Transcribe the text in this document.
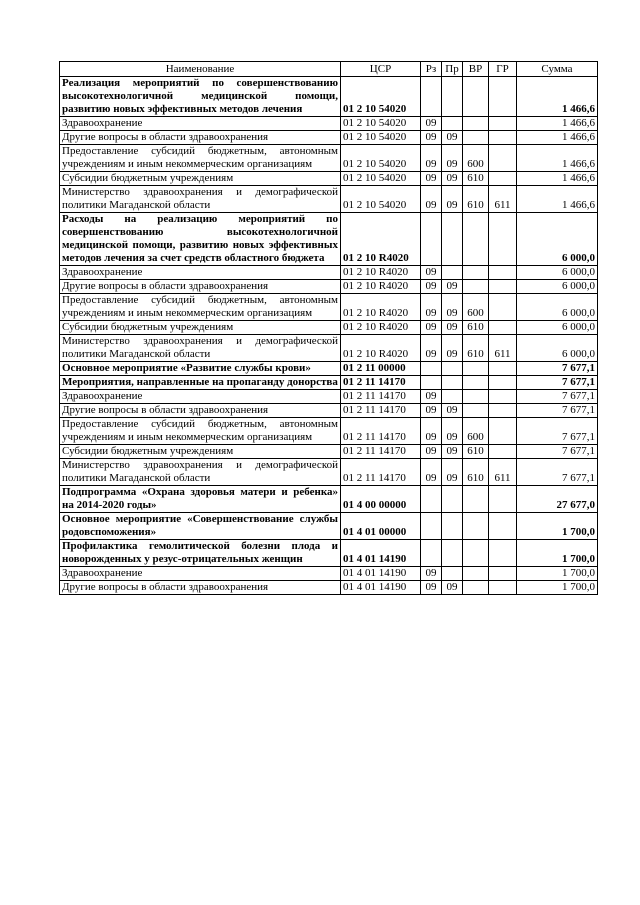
Наименование	ЦСР	Рз	Пр	ВР	ГР	Сумма
Реализация мероприятий по совершенствованию высокотехнологичной медицинской помощи, развитию новых эффективных методов лечения	01 2 10 54020					1 466,6
Здравоохранение	01 2 10 54020	09				1 466,6
Другие вопросы в области здравоохранения	01 2 10 54020	09	09			1 466,6
Предоставление субсидий бюджетным, автономным учреждениям и иным некоммерческим организациям	01 2 10 54020	09	09	600		1 466,6
Субсидии бюджетным учреждениям	01 2 10 54020	09	09	610		1 466,6
Министерство здравоохранения и демографической политики Магаданской области	01 2 10 54020	09	09	610	611	1 466,6
Расходы на реализацию мероприятий по совершенствованию высокотехнологичной медицинской помощи, развитию новых эффективных методов лечения за счет средств областного бюджета	01 2 10 R4020					6 000,0
Здравоохранение	01 2 10 R4020	09				6 000,0
Другие вопросы в области здравоохранения	01 2 10 R4020	09	09			6 000,0
Предоставление субсидий бюджетным, автономным учреждениям и иным некоммерческим организациям	01 2 10 R4020	09	09	600		6 000,0
Субсидии бюджетным учреждениям	01 2 10 R4020	09	09	610		6 000,0
Министерство здравоохранения и демографической политики Магаданской области	01 2 10 R4020	09	09	610	611	6 000,0
Основное мероприятие «Развитие службы крови»	01 2 11 00000					7 677,1
Мероприятия, направленные на пропаганду донорства	01 2 11 14170					7 677,1
Здравоохранение	01 2 11 14170	09				7 677,1
Другие вопросы в области здравоохранения	01 2 11 14170	09	09			7 677,1
Предоставление субсидий бюджетным, автономным учреждениям и иным некоммерческим организациям	01 2 11 14170	09	09	600		7 677,1
Субсидии бюджетным учреждениям	01 2 11 14170	09	09	610		7 677,1
Министерство здравоохранения и демографической политики Магаданской области	01 2 11 14170	09	09	610	611	7 677,1
Подпрограмма «Охрана здоровья матери и ребенка» на 2014-2020 годы»	01 4 00 00000					27 677,0
Основное мероприятие «Совершенствование службы родовспоможения»	01 4 01 00000					1 700,0
Профилактика гемолитической болезни плода и новорожденных у резус-отрицательных женщин	01 4 01 14190					1 700,0
Здравоохранение	01 4 01 14190	09				1 700,0
Другие вопросы в области здравоохранения	01 4 01 14190	09	09			1 700,0
